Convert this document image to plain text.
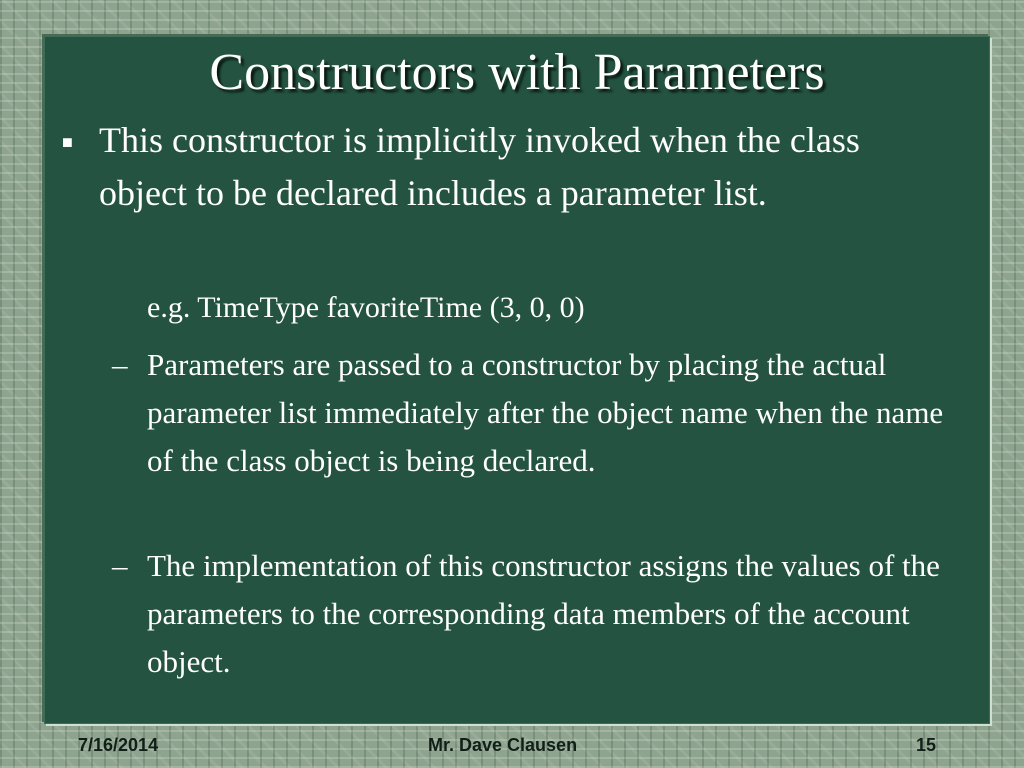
Constructors with Parameters
■ This constructor is implicitly invoked when the class object to be declared includes a parameter list.
e.g. TimeType favoriteTime (3, 0, 0)
– Parameters are passed to a constructor by placing the actual parameter list immediately after the object name when the name of the class object is being declared.
– The implementation of this constructor assigns the values of the parameters to the corresponding data members of the account object.
7/16/2014	Mr. Dave Clausen	15
